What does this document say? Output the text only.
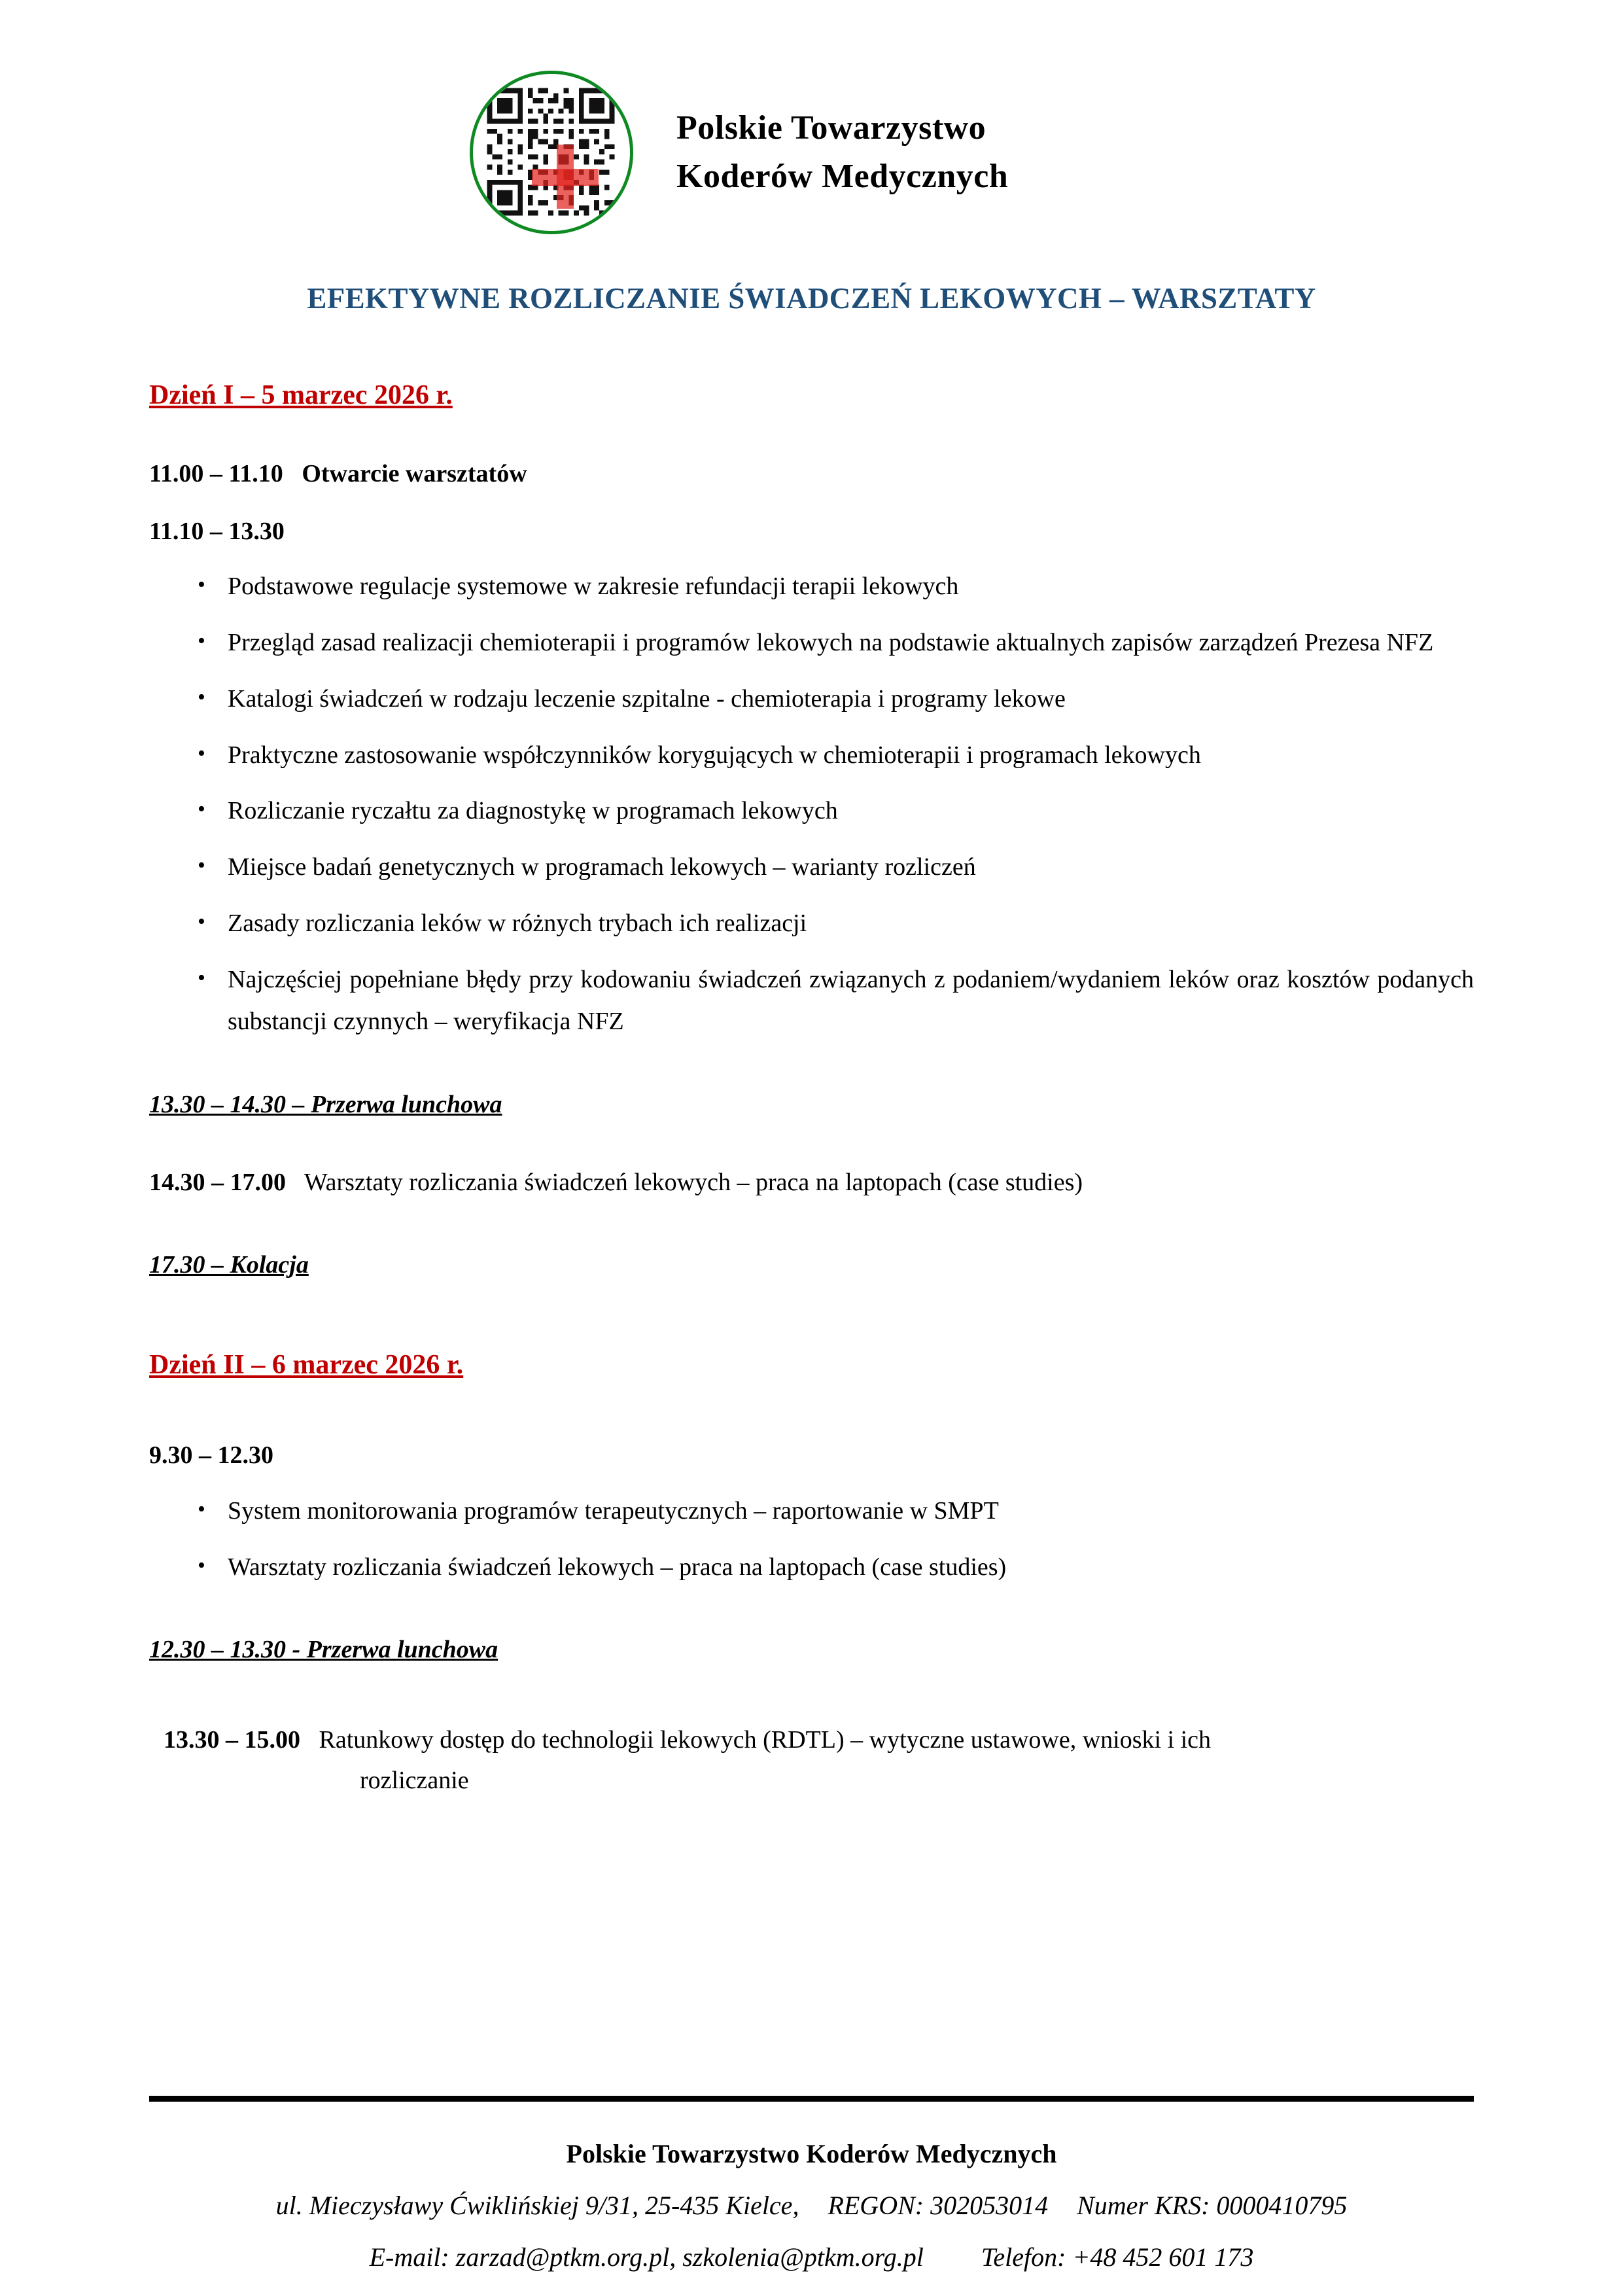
Polskie Towarzystwo
Koderów Medycznych
EFEKTYWNE ROZLICZANIE ŚWIADCZEŃ LEKOWYCH – WARSZTATY
Dzień I – 5 marzec 2026 r.
11.00 – 11.10 Otwarcie warsztatów
11.10 – 13.30
• Podstawowe regulacje systemowe w zakresie refundacji terapii lekowych
• Przegląd zasad realizacji chemioterapii i programów lekowych na podstawie aktualnych zapisów zarządzeń Prezesa NFZ
• Katalogi świadczeń w rodzaju leczenie szpitalne - chemioterapia i programy lekowe
• Praktyczne zastosowanie współczynników korygujących w chemioterapii i programach lekowych
• Rozliczanie ryczałtu za diagnostykę w programach lekowych
• Miejsce badań genetycznych w programach lekowych – warianty rozliczeń
• Zasady rozliczania leków w różnych trybach ich realizacji
• Najczęściej popełniane błędy przy kodowaniu świadczeń związanych z podaniem/wydaniem leków oraz kosztów podanych substancji czynnych – weryfikacja NFZ
13.30 – 14.30 – Przerwa lunchowa
14.30 – 17.00 Warsztaty rozliczania świadczeń lekowych – praca na laptopach (case studies)
17.30 – Kolacja
Dzień II – 6 marzec 2026 r.
9.30 – 12.30
• System monitorowania programów terapeutycznych – raportowanie w SMPT
• Warsztaty rozliczania świadczeń lekowych – praca na laptopach (case studies)
12.30 – 13.30 - Przerwa lunchowa
13.30 – 15.00 Ratunkowy dostęp do technologii lekowych (RDTL) – wytyczne ustawowe, wnioski i ich
rozliczanie
Polskie Towarzystwo Koderów Medycznych
ul. Mieczysławy Ćwiklińskiej 9/31, 25-435 Kielce, REGON: 302053014 Numer KRS: 0000410795
E-mail: zarzad@ptkm.org.pl, szkolenia@ptkm.org.pl Telefon: +48 452 601 173
